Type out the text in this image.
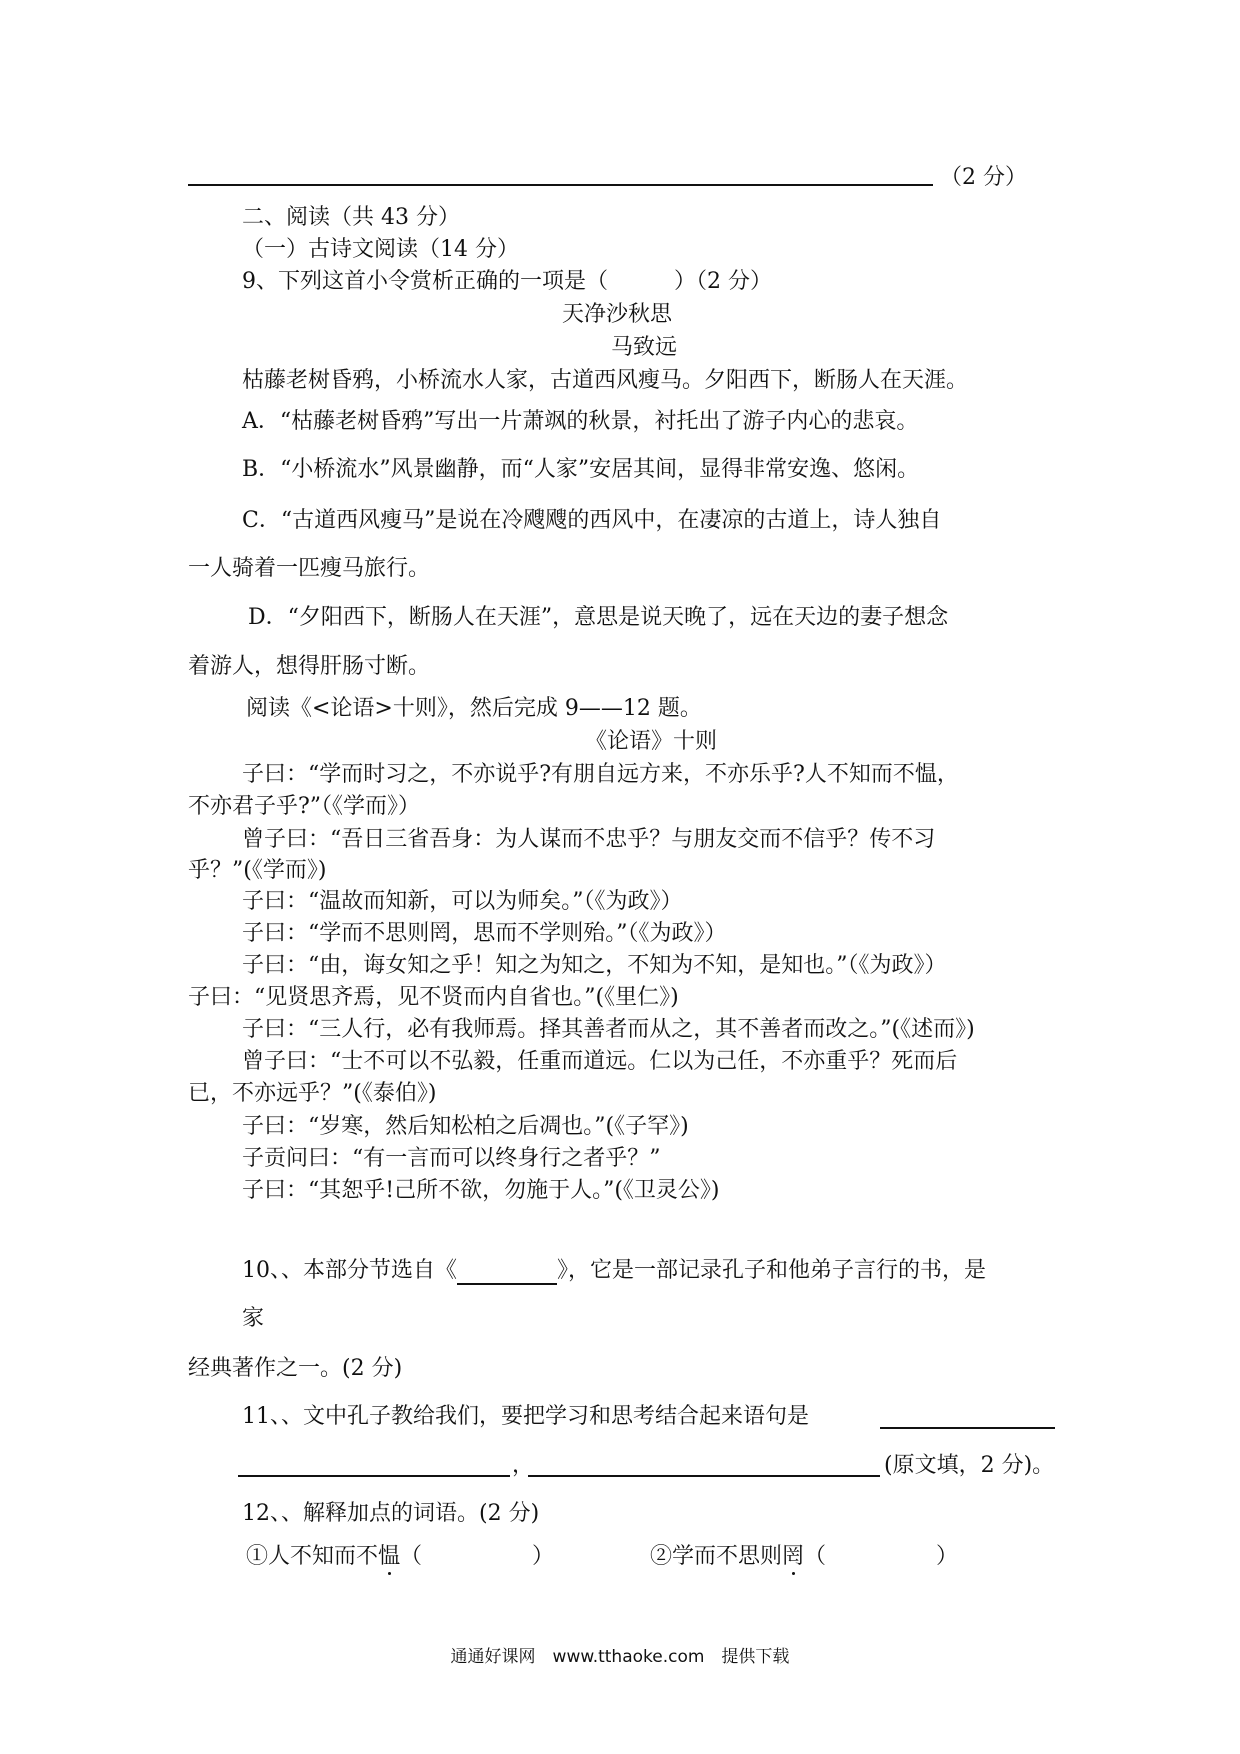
（2 分）
二、阅读（共 43 分）
（一）古诗文阅读（14 分）
9、下列这首小令赏析正确的一项是（　　　）（2 分）
天净沙秋思
马致远
枯藤老树昏鸦，小桥流水人家，古道西风瘦马。夕阳西下，断肠人在天涯。
A．“枯藤老树昏鸦”写出一片萧飒的秋景，衬托出了游子内心的悲哀。
B．“小桥流水”风景幽静，而“人家”安居其间，显得非常安逸、悠闲。
C．“古道西风瘦马”是说在冷飕飕的西风中，在凄凉的古道上，诗人独自
一人骑着一匹瘦马旅行。
D．“夕阳西下，断肠人在天涯”，意思是说天晚了，远在天边的妻子想念
着游人，想得肝肠寸断。
阅读《<论语>十则》，然后完成 9——12 题。
《论语》十则
子曰：“学而时习之，不亦说乎?有朋自远方来，不亦乐乎?人不知而不愠，
不亦君子乎?”（《学而》）
曾子曰：“吾日三省吾身：为人谋而不忠乎？与朋友交而不信乎？传不习
乎？”(《学而》)
子曰：“温故而知新，可以为师矣。”（《为政》）
子曰：“学而不思则罔，思而不学则殆。”（《为政》）
子曰：“由，诲女知之乎！知之为知之，不知为不知，是知也。”（《为政》）
子曰：“见贤思齐焉，见不贤而内自省也。”(《里仁》)
子曰：“三人行，必有我师焉。择其善者而从之，其不善者而改之。”(《述而》)
曾子曰：“士不可以不弘毅，任重而道远。仁以为己任，不亦重乎？死而后
已，不亦远乎？”(《泰伯》)
子曰：“岁寒，然后知松柏之后凋也。”(《子罕》)
子贡问曰：“有一言而可以终身行之者乎？”
子曰：“其恕乎!己所不欲，勿施于人。”(《卫灵公》)
10、、本部分节选自《	》，它是一部记录孔子和他弟子言行的书，是
家
经典著作之一。(2 分)
11、、文中孔子教给我们，要把学习和思考结合起来语句是
，	(原文填，2 分)。
12、、解释加点的词语。(2 分)
①人不知而不愠（　　　　　）	②学而不思则罔（　　　　　）
通通好课网　www.tthaoke.com　提供下载
